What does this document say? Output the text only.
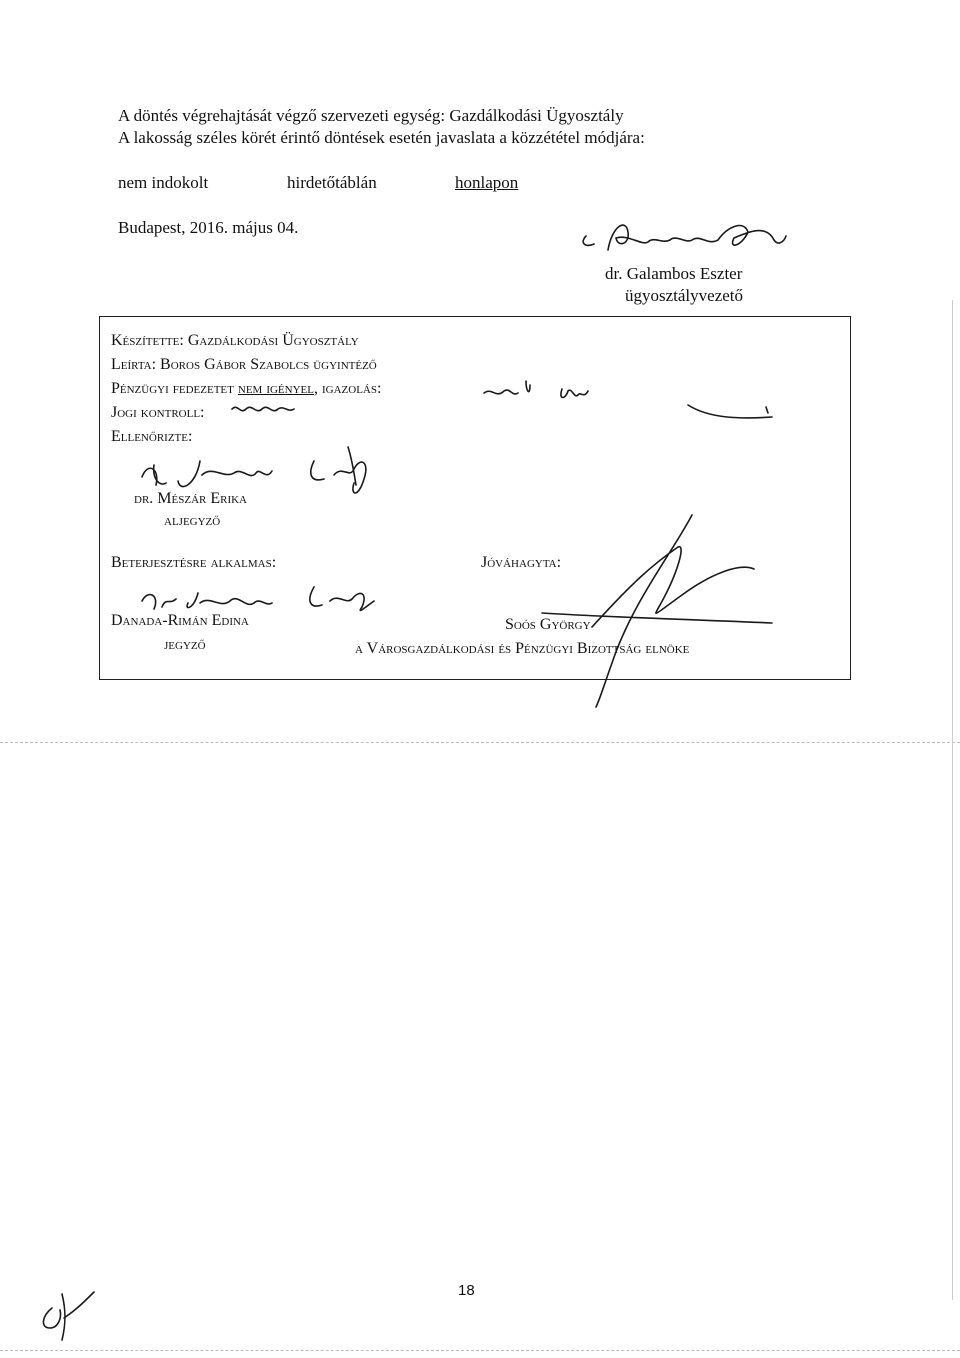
A döntés végrehajtását végző szervezeti egység: Gazdálkodási Ügyosztály
A lakosság széles körét érintő döntések esetén javaslata a közzététel módjára:
nem indokolt	hirdetőtáblán	honlapon
Budapest, 2016. május 04.
dr. Galambos Eszter
ügyosztályvezető
Készítette: Gazdálkodási Ügyosztály
Leírta: Boros Gábor Szabolcs ügyintéző
Pénzügyi fedezetet nem igényel, igazolás:
Jogi kontroll:
Ellenőrizte:
dr. Mészár Erika
aljegyző
Beterjesztésre alkalmas:	Jóváhagyta:
Danada-Rimán Edina
jegyző
Soós György
a Városgazdálkodási és Pénzügyi Bizottság elnöke
18
